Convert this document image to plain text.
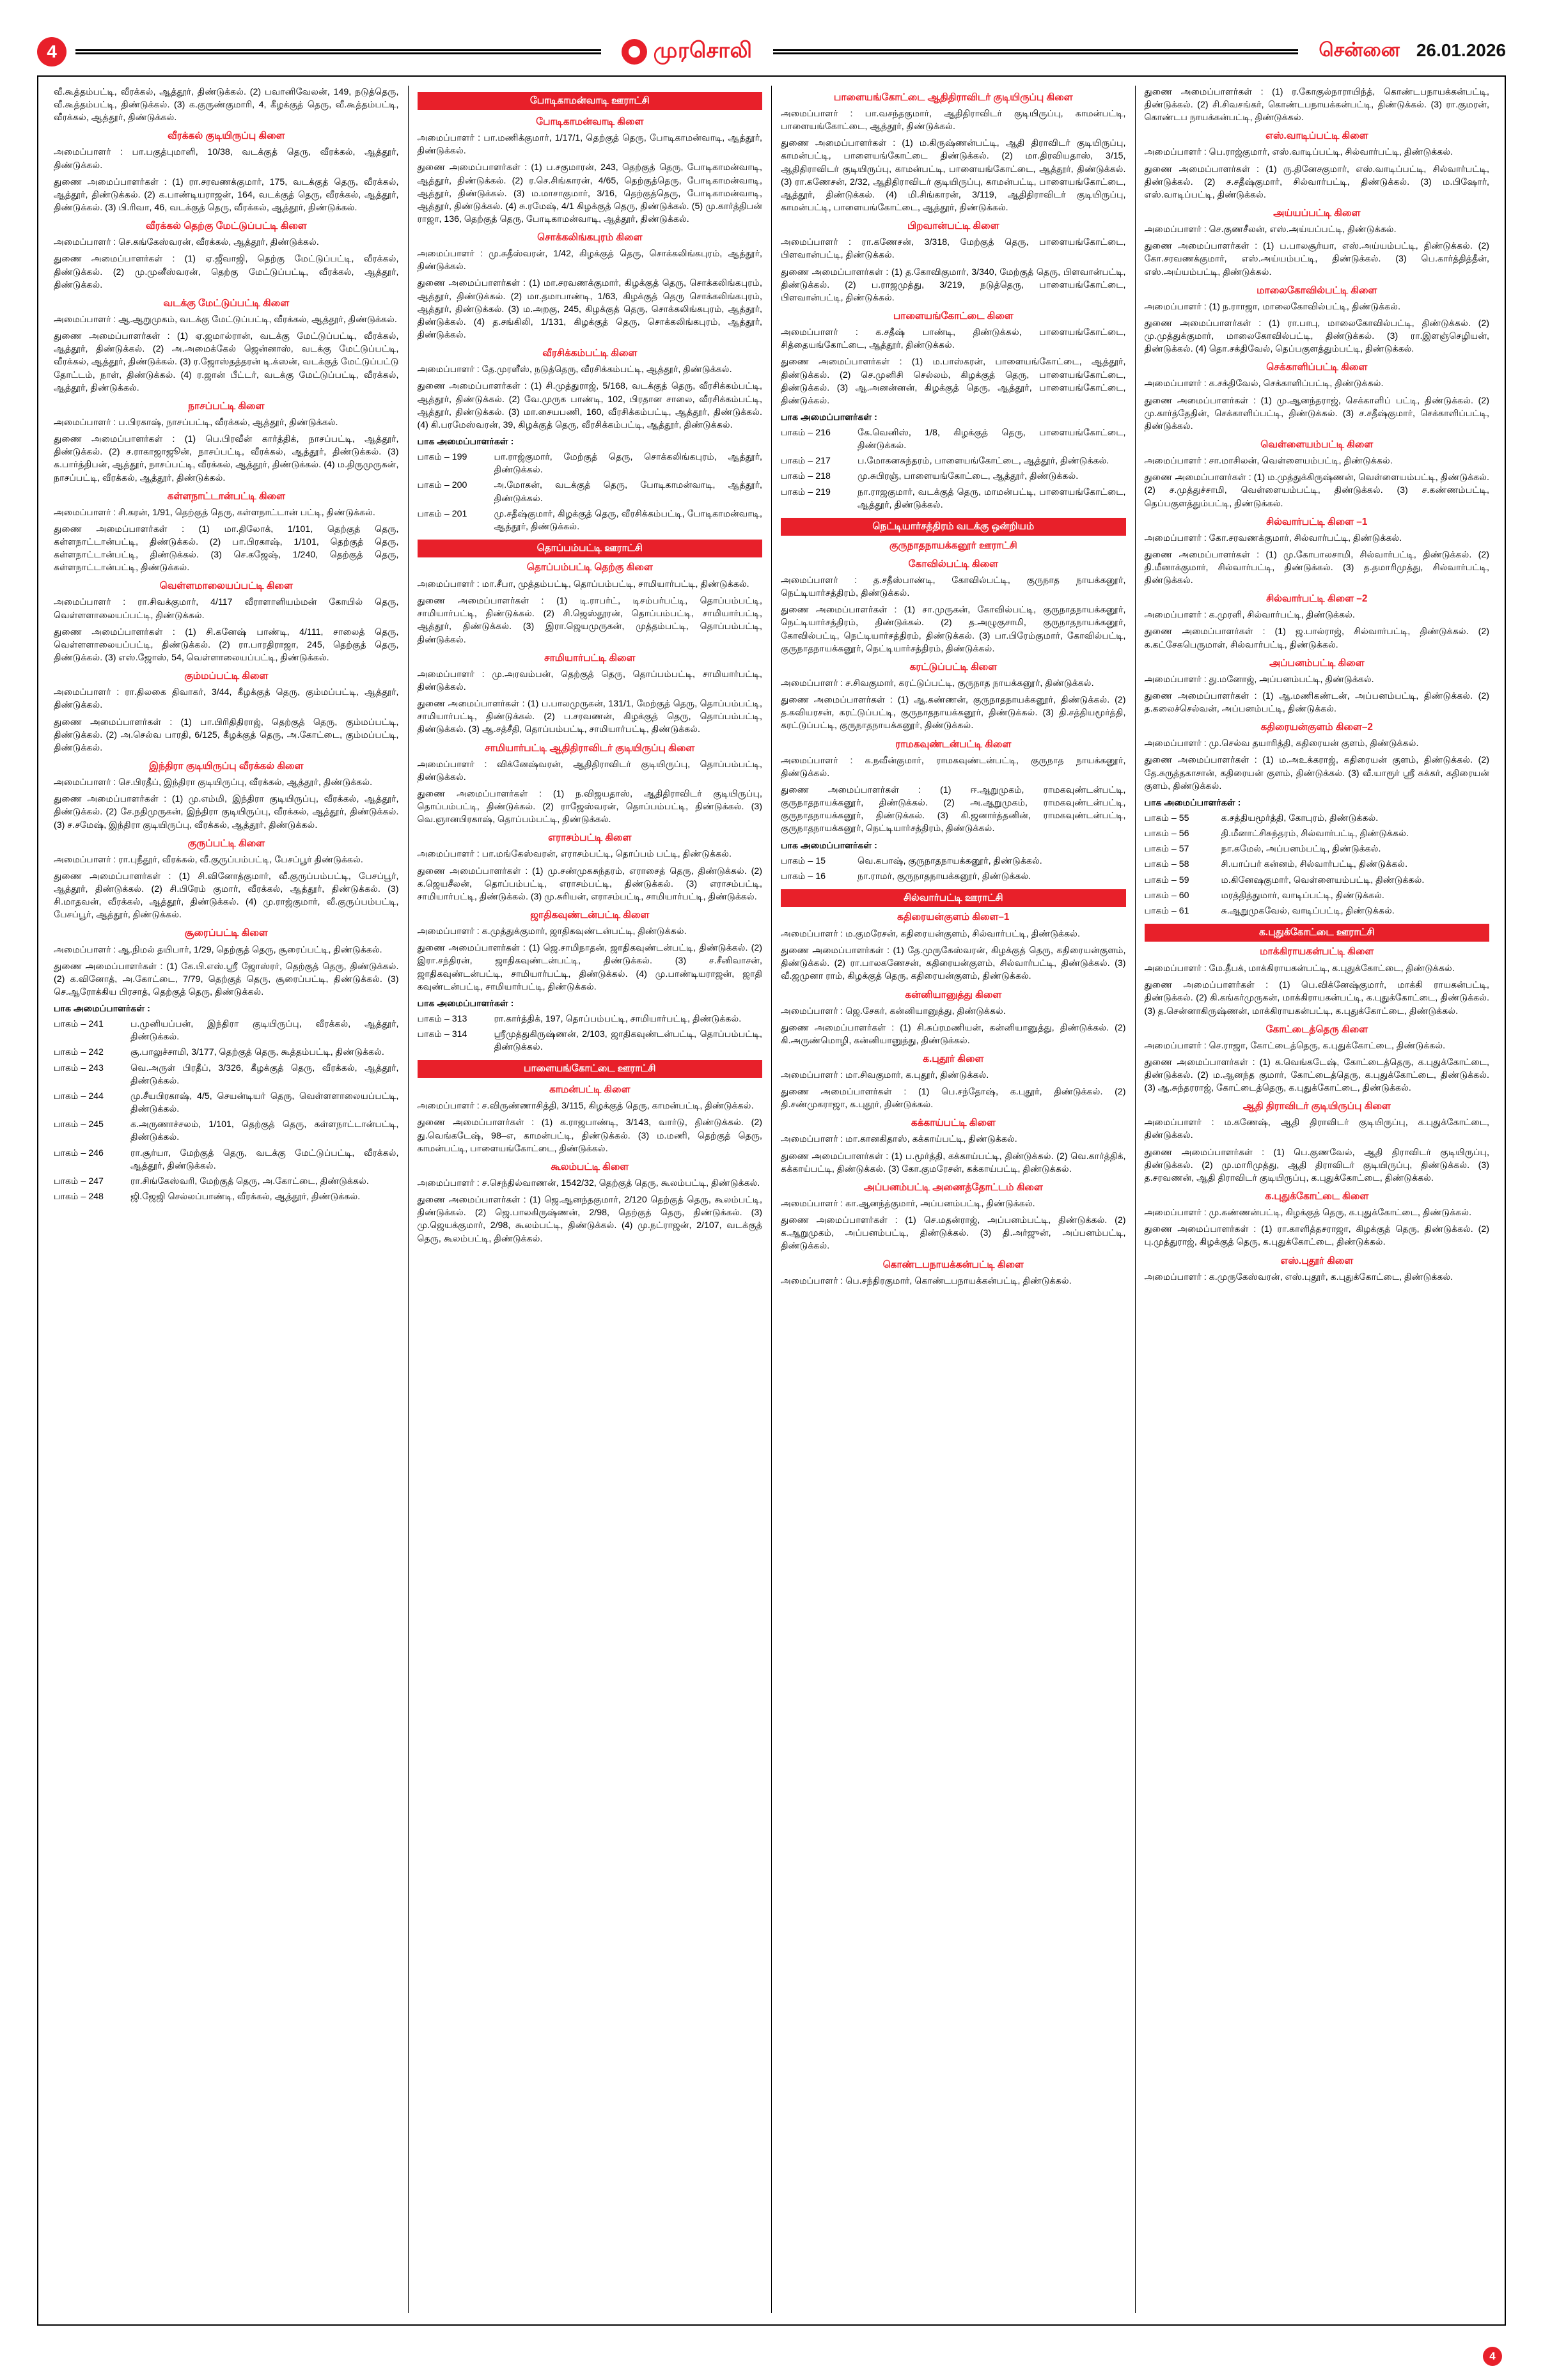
4	முரசொலி	சென்னை 26.01.2026
வீ.கூத்தம்பட்டி, வீரக்கல், ஆத்தூர், திண்டுக்கல். (2) பவானிவேலன், 149, நடுத்தெரு, வீ.கூத்தம்பட்டி, திண்டுக்கல். (3) க.குருண்குமாரி, 4, கீழக்குத் தெரு, வீ.கூத்தம்பட்டி, வீரக்கல், ஆத்தூர், திண்டுக்கல்.
வீரக்கல் குடியிருப்பு கிளை
அமைப்பாளர் : பா.பகுத்புமாளி, 10/38, வடக்குத் தெரு, வீரக்கல், ஆத்தூர், திண்டுக்கல்.
துணை அமைப்பாளர்கள் : (1) ரா.சரவணக்குமார், 175, வடக்குத் தெரு, வீரக்கல், ஆத்தூர், திண்டுக்கல். (2) க.பாண்டியராஜன், 164, வடக்குத் தெரு, வீரக்கல், ஆத்தூர், திண்டுக்கல். (3) பி.ரிவா, 46, வடக்குத் தெரு, வீரக்கல், ஆத்தூர், திண்டுக்கல்.
வீரக்கல் தெற்கு மேட்டுப்பட்டி கிளை
அமைப்பாளர் : செ.கங்கேஸ்வரன், வீரக்கல், ஆத்தூர், திண்டுக்கல்.
துணை அமைப்பாளர்கள் : (1) ஏ.ஜீவாஜி, தெற்கு மேட்டுப்பட்டி, வீரக்கல், திண்டுக்கல். (2) மு.முனீஸ்வரன், தெற்கு மேட்டுப்பட்டி, வீரக்கல், ஆத்தூர், திண்டுக்கல்.
வடக்கு மேட்டுப்பட்டி கிளை
அமைப்பாளர் : ஆ.ஆறுமுகம், வடக்கு மேட்டுப்பட்டி, வீரக்கல், ஆத்தூர், திண்டுக்கல்.
துணை அமைப்பாளர்கள் : (1) ஏ.ஜமால்ரான், வடக்கு மேட்டுப்பட்டி, வீரக்கல், ஆத்தூர், திண்டுக்கல். (2) அ.அமைக்கேல் ஜென்னாஸ், வடக்கு மேட்டுப்பட்டி, வீரக்கல், ஆத்தூர், திண்டுக்கல். (3) ர.ஜோஸ்தத்தரன் டி.க்ஸன், வடக்குத் மேட்டுப்பட்டு தோட்டம், நாள், திண்டுக்கல். (4) ர.ஜான் பீட்டர், வடக்கு மேட்டுப்பட்டி, வீரக்கல், ஆத்தூர், திண்டுக்கல்.
நாசப்பட்டி கிளை
அமைப்பாளர் : ப.பிரகாஷ், நாசப்பட்டி, வீரக்கல், ஆத்தூர், திண்டுக்கல்.
துணை அமைப்பாளர்கள் : (1) பெ.பிரவீன் கார்த்திக், நாசப்பட்டி, ஆத்தூர், திண்டுக்கல். (2) ச.ராகாஜாஜூன், நாசப்பட்டி, வீரக்கல், ஆத்தூர், திண்டுக்கல். (3) க.பார்த்திபன், ஆத்தூர், நாசப்பட்டி, வீரக்கல், ஆத்தூர், திண்டுக்கல். (4) ம.திருமுருகன், நாசப்பட்டி, வீரக்கல், ஆத்தூர், திண்டுக்கல்.
கள்ளநாட்டான்பட்டி கிளை
அமைப்பாளர் : சி.கரன், 1/91, தெற்குத் தெரு, கள்ளநாட்டான் பட்டி, திண்டுக்கல்.
துணை அமைப்பாளர்கள் : (1) மா.திலோக், 1/101, தெற்குத் தெரு, கள்ளநாட்டான்பட்டி, திண்டுக்கல். (2) பா.பிரகாஷ், 1/101, தெற்குத் தெரு, கள்ளநாட்டான்பட்டி, திண்டுக்கல். (3) செ.கஜேஷ், 1/240, தெற்குத் தெரு, கள்ளநாட்டான்பட்டி, திண்டுக்கல்.
வெள்ளமாலையப்பட்டி கிளை
அமைப்பாளர் : ரா.சிவக்குமார், 4/117 வீராளாளியம்மன் கோயில் தெரு, வெள்ளளாலையப்பட்டி, திண்டுக்கல்.
துணை அமைப்பாளர்கள் : (1) சி.கனேஷ் பாண்டி, 4/111, சாலைத் தெரு, வெள்ளளாலையப்பட்டி, திண்டுக்கல். (2) ரா.பாரதிராஜா, 245, தெற்குத் தெரு, திண்டுக்கல். (3) எஸ்.ஜோஸ், 54, வெள்ளாலையப்பட்டி, திண்டுக்கல்.
கும்மப்பட்டி கிளை
அமைப்பாளர் : ரா.திலகை திவாகர், 3/44, கீழக்குத் தெரு, கும்மப்பட்டி, ஆத்தூர், திண்டுக்கல்.
துணை அமைப்பாளர்கள் : (1) பா.பிரிதிதிராஜ், தெற்குத் தெரு, கும்மப்பட்டி, திண்டுக்கல். (2) அ.செல்வ பாரதி, 6/125, கீழக்குத் தெரு, அ.கோட்டை, கும்மப்பட்டி, திண்டுக்கல்.
இந்திரா குடியிருப்பு வீரக்கல் கிளை
அமைப்பாளர் : செ.பிரதீப், இந்திரா குடியிருப்பு, வீரக்கல், ஆத்தூர், திண்டுக்கல்.
துணை அமைப்பாளர்கள் : (1) மு.எம்மி, இந்திரா குடியிருப்பு, வீரக்கல், ஆத்தூர், திண்டுக்கல். (2) சே.நதிமுருகன், இந்திரா குடியிருப்பு, வீரக்கல், ஆத்தூர், திண்டுக்கல். (3) ச.சமேஷ், இந்திரா குடியிருப்பு, வீரக்கல், ஆத்தூர், திண்டுக்கல்.
குருப்பட்டி கிளை
அமைப்பாளர் : ரா.புநீதூர், வீரக்கல், வீ.குருப்பம்பட்டி, பேசப்பூர் திண்டுக்கல்.
துணை அமைப்பாளர்கள் : (1) சி.வினோத்குமார், வீ.குருப்பம்பட்டி, பேசப்பூர், ஆத்தூர், திண்டுக்கல். (2) சி.பிரேம் குமார், வீரக்கல், ஆத்தூர், திண்டுக்கல். (3) சி.மாதவன், வீரக்கல், ஆத்தூர், திண்டுக்கல். (4) மு.ராஜ்குமார், வீ.குருப்பம்பட்டி, பேசப்பூர், ஆத்தூர், திண்டுக்கல்.
சூரைப்பட்டி கிளை
அமைப்பாளர் : ஆ.நிமல் தயிபார், 1/29, தெற்குத் தெரு, சூரைப்பட்டி, திண்டுக்கல்.
துணை அமைப்பாளர்கள் : (1) கே.பி.எஸ்.ஸ்ரீ ஜோஸ்ரர், தெற்குத் தெரு, திண்டுக்கல். (2) க.வினோத், அ.கோட்டை, 7/79, தெற்குத் தெரு, சூரைப்பட்டி, திண்டுக்கல். (3) செ.ஆரோக்கிய பிரசாத், தெற்குத் தெரு, திண்டுக்கல்.
பாக அமைப்பாளர்கள் :
பாகம் – 241	ப.முனியப்பன், இந்திரா குடியிருப்பு, வீரக்கல், ஆத்தூர், திண்டுக்கல்.
பாகம் – 242	சூ.பாலுச்சாமி, 3/177, தெற்குத் தெரு, கூத்தம்பட்டி, திண்டுக்கல்.
பாகம் – 243	வெ.அருள் பிரதீப், 3/326, கீழக்குத் தெரு, வீரக்கல், ஆத்தூர், திண்டுக்கல்.
பாகம் – 244	மு.சீயபிரகாஷ், 4/5, செயன்டியர் தெரு, வெள்ளளாலையப்பட்டி, திண்டுக்கல்.
பாகம் – 245	க.அருணாச்சலம், 1/101, தெற்குத் தெரு, கள்ளநாட்டான்பட்டி, திண்டுக்கல்.
பாகம் – 246	ரா.சூர்யா, மேற்குத் தெரு, வடக்கு மேட்டுப்பட்டி, வீரக்கல், ஆத்தூர், திண்டுக்கல்.
பாகம் – 247	ரா.சிங்கேஸ்வரி, மேற்குத் தெரு, அ.கோட்டை, திண்டுக்கல்.
பாகம் – 248	ஜி.ஜேஜி செல்லப்பாண்டி, வீரக்கல், ஆத்தூர், திண்டுக்கல்.
போடிகாமன்வாடி ஊராட்சி
போடிகாமன்வாடி கிளை
அமைப்பாளர் : பா.மணிக்குமார், 1/17/1, தெற்குத் தெரு, போடிகாமன்வாடி, ஆத்தூர், திண்டுக்கல்.
துணை அமைப்பாளர்கள் : (1) ப.சகுமாரன், 243, தெற்குத் தெரு, போடிகாமன்வாடி, ஆத்தூர், திண்டுக்கல். (2) ர.செ.சிங்காரன், 4/65, தெற்குத்தெரு, போடிகாமன்வாடி, ஆத்தூர், திண்டுக்கல். (3) ம.மாசாகுமார், 3/16, தெற்குத்தெரு, போடிகாமன்வாடி, ஆத்தூர், திண்டுக்கல். (4) சு.ரமேஷ், 4/1 கிழக்குத் தெரு, திண்டுக்கல். (5) மு.கார்த்திபன் ராஜா, 136, தெற்குத் தெரு, போடிகாமன்வாடி, ஆத்தூர், திண்டுக்கல்.
சொக்கலிங்கபுரம் கிளை
அமைப்பாளர் : மு.சுதீஸ்வரன், 1/42, கிழக்குத் தெரு, சொக்கலிங்கபுரம், ஆத்தூர், திண்டுக்கல்.
துணை அமைப்பாளர்கள் : (1) மா.சரவணக்குமார், கிழக்குத் தெரு, சொக்கலிங்கபுரம், ஆத்தூர், திண்டுக்கல். (2) மா.தமாபாண்டி, 1/63, கிழக்குத் தெரு சொக்கலிங்கபுரம், ஆத்தூர், திண்டுக்கல். (3) ம.அறகு, 245, கிழக்குத் தெரு, சொக்கலிங்கபுரம், ஆத்தூர், திண்டுக்கல். (4) த.சங்கிலி, 1/131, கிழக்குத் தெரு, சொக்கலிங்கபுரம், ஆத்தூர், திண்டுக்கல்.
வீரசிக்கம்பட்டி கிளை
அமைப்பாளர் : தே.முரளீஸ், நடுத்தெரு, வீரசிக்கம்பட்டி, ஆத்தூர், திண்டுக்கல்.
துணை அமைப்பாளர்கள் : (1) சி.முத்துராஜ், 5/168, வடக்குத் தெரு, வீரசிக்கம்பட்டி, ஆத்தூர், திண்டுக்கல். (2) வே.முருக பாண்டி, 102, பிரதான சாலை, வீரசிக்கம்பட்டி, ஆத்தூர், திண்டுக்கல். (3) மா.சையபணி, 160, வீரசிக்கம்பட்டி, ஆத்தூர், திண்டுக்கல். (4) கி.பரமேஸ்வரன், 39, கிழக்குத் தெரு, வீரசிக்கம்பட்டி, ஆத்தூர், திண்டுக்கல்.
பாக அமைப்பாளர்கள் :
பாகம் – 199	பா.ராஜ்குமார், மேற்குத் தெரு, சொக்கலிங்கபுரம், ஆத்தூர், திண்டுக்கல்.
பாகம் – 200	அ.மோகன், வடக்குத் தெரு, போடிகாமன்வாடி, ஆத்தூர், திண்டுக்கல்.
பாகம் – 201	மு.சதீஷ்குமார், கிழக்குத் தெரு, வீரசிக்கம்பட்டி, போடிகாமன்வாடி, ஆத்தூர், திண்டுக்கல்.
தொப்பம்பட்டி ஊராட்சி
தொப்பம்பட்டி தெற்கு கிளை
அமைப்பாளர் : மா.சீபா, முத்தம்பட்டி, தொப்பம்பட்டி, சாமியார்பட்டி, திண்டுக்கல்.
துணை அமைப்பாளர்கள் : (1) டி.ராபர்ட், டிசம்பர்பட்டி, தொப்பம்பட்டி, சாமியார்பட்டி, திண்டுக்கல். (2) சி.ஜெஸ்தூரன், தொப்பம்பட்டி, சாமியார்பட்டி, ஆத்தூர், திண்டுக்கல். (3) இரா.ஜெயமுருகன், முத்தம்பட்டி, தொப்பம்பட்டி, திண்டுக்கல்.
சாமியார்பட்டி கிளை
அமைப்பாளர் : மு.அரவம்பன், தெற்குத் தெரு, தொப்பம்பட்டி, சாமியார்பட்டி, திண்டுக்கல்.
துணை அமைப்பாளர்கள் : (1) ப.பாலமுருகன், 131/1, மேற்குத் தெரு, தொப்பம்பட்டி, சாமியார்பட்டி, திண்டுக்கல். (2) ப.சரவணன், கிழக்குத் தெரு, தொப்பம்பட்டி, திண்டுக்கல். (3) ஆ.சத்சீதி, தொப்பம்பட்டி, சாமியார்பட்டி, திண்டுக்கல்.
சாமியார்பட்டி ஆதிதிராவிடர் குடியிருப்பு கிளை
அமைப்பாளர் : விக்னேஷ்வரன், ஆதிதிராவிடர் குடியிருப்பு, தொப்பம்பட்டி, திண்டுக்கல்.
துணை அமைப்பாளர்கள் : (1) ந.விஜயதாஸ், ஆதிதிராவிடர் குடியிருப்பு, தொப்பம்பட்டி, திண்டுக்கல். (2) ராஜேஸ்வரன், தொப்பம்பட்டி, திண்டுக்கல். (3) வெ.ஞானபிரகாஷ், தொப்பம்பட்டி, திண்டுக்கல்.
எராசம்பட்டி கிளை
அமைப்பாளர் : பா.மங்கேஸ்வரன், எராசம்பட்டி, தொப்பம் பட்டி, திண்டுக்கல்.
துணை அமைப்பாளர்கள் : (1) மு.சண்முகசுந்தரம், எராசைத் தெரு, திண்டுக்கல். (2) க.ஜெயசீலன், தொப்பம்பட்டி, எராசம்பட்டி, திண்டுக்கல். (3) எராசம்பட்டி, சாமியார்பட்டி, திண்டுக்கல். (3) மு.சுரியன், எராசம்பட்டி, சாமியார்பட்டி, திண்டுக்கல்.
ஜாதிகவுண்டன்பட்டி கிளை
அமைப்பாளர் : க.முத்துக்குமார், ஜாதிகவுண்டன்பட்டி, திண்டுக்கல்.
துணை அமைப்பாளர்கள் : (1) ஜெ.சாமிநாதன், ஜாதிகவுண்டன்பட்டி, திண்டுக்கல். (2) இரா.சந்திரன், ஜாதிகவுண்டன்பட்டி, திண்டுக்கல். (3) ச.சீனிவாசன், ஜாதிகவுண்டன்பட்டி, சாமியார்பட்டி, திண்டுக்கல். (4) மு.பாண்டியராஜன், ஜாதி கவுண்டன்பட்டி, சாமியார்பட்டி, திண்டுக்கல்.
பாக அமைப்பாளர்கள் :
பாகம் – 313	ரா.கார்த்திக், 197, தொப்பம்பட்டி, சாமியார்பட்டி, திண்டுக்கல்.
பாகம் – 314	ஸ்ரீமுத்துகிருஷ்ணன், 2/103, ஜாதிகவுண்டன்பட்டி, தொப்பம்பட்டி, திண்டுக்கல்.
பாளையங்கோட்டை ஊராட்சி
காமன்பட்டி கிளை
அமைப்பாளர் : ச.விருண்ணாசித்தி, 3/115, கிழக்குத் தெரு, காமன்பட்டி, திண்டுக்கல்.
துணை அமைப்பாளர்கள் : (1) க.ராஜபாண்டி, 3/143, வார்டு, திண்டுக்கல். (2) து.வெங்கடேஷ், 98–எ, காமன்பட்டி, திண்டுக்கல். (3) ம.மணி, தெற்குத் தெரு, காமன்பட்டி, பாளையங்கோட்டை, திண்டுக்கல்.
கூலம்பட்டி கிளை
அமைப்பாளர் : ச.செந்தில்வாணன், 1542/32, தெற்குத் தெரு, கூலம்பட்டி, திண்டுக்கல்.
துணை அமைப்பாளர்கள் : (1) ஜெ.ஆனந்தகுமார், 2/120 தெற்குத் தெரு, கூலம்பட்டி, திண்டுக்கல். (2) ஜெ.பாலகிருஷ்ணன், 2/98, தெற்குத் தெரு, திண்டுக்கல். (3) மு.ஜெயக்குமார், 2/98, கூலம்பட்டி, திண்டுக்கல். (4) மு.நட்ராஜன், 2/107, வடக்குத் தெரு, கூலம்பட்டி, திண்டுக்கல்.
பாளையங்கோட்டை ஆதிதிராவிடர் குடியிருப்பு கிளை
அமைப்பாளர் : பா.வசந்தகுமார், ஆதிதிராவிடர் குடியிருப்பு, காமன்பட்டி, பாளையங்கோட்டை, ஆத்தூர், திண்டுக்கல்.
துணை அமைப்பாளர்கள் : (1) ம.கிருஷ்ணன்பட்டி, ஆதி திராவிடர் குடியிருப்பு, காமன்பட்டி, பாளையங்கோட்டை திண்டுக்கல். (2) மா.திரவியதாஸ், 3/15, ஆதிதிராவிடர் குடியிருப்பு, காமன்பட்டி, பாளையங்கோட்டை, ஆத்தூர், திண்டுக்கல். (3) ரா.கணேசன், 2/32, ஆதிதிராவிடர் குடியிருப்பு, காமன்பட்டி, பாளையங்கோட்டை, ஆத்தூர், திண்டுக்கல். (4) மி.சிங்காரன், 3/119, ஆதிதிராவிடர் குடியிருப்பு, காமன்பட்டி, பாளையங்கோட்டை, ஆத்தூர், திண்டுக்கல்.
பிறவான்பட்டி கிளை
அமைப்பாளர் : ரா.கணேசன், 3/318, மேற்குத் தெரு, பாளையங்கோட்டை, பிளவான்பட்டி, திண்டுக்கல்.
துணை அமைப்பாளர்கள் : (1) த.கோவிகுமார், 3/340, மேற்குத் தெரு, பிளவான்பட்டி, திண்டுக்கல். (2) ப.ராஜமுத்து, 3/219, நடுத்தெரு, பாளையங்கோட்டை, பிளவான்பட்டி, திண்டுக்கல்.
பாளையங்கோட்டை கிளை
அமைப்பாளர் : க.சதீஷ் பாண்டி, திண்டுக்கல், பாளையங்கோட்டை, சித்தையங்கோட்டை, ஆத்தூர், திண்டுக்கல்.
துணை அமைப்பாளர்கள் : (1) ம.பாஸ்கரன், பாளையங்கோட்டை, ஆத்தூர், திண்டுக்கல். (2) செ.முனிசி செல்லம், கிழக்குத் தெரு, பாளையங்கோட்டை, திண்டுக்கல். (3) ஆ.அனன்னன், கிழக்குத் தெரு, ஆத்தூர், பாளையங்கோட்டை, திண்டுக்கல்.
பாக அமைப்பாளர்கள் :
பாகம் – 216	கே.வெனிஸ், 1/8, கிழக்குத் தெரு, பாளையங்கோட்டை, திண்டுக்கல்.
பாகம் – 217	ப.மோகனசுந்தரம், பாளையங்கோட்டை, ஆத்தூர், திண்டுக்கல்.
பாகம் – 218	மு.சுபிரஞ், பாளையங்கோட்டை, ஆத்தூர், திண்டுக்கல்.
பாகம் – 219	நா.ராஜகுமார், வடக்குத் தெரு, மாமன்பட்டி, பாளையங்கோட்டை, ஆத்தூர், திண்டுக்கல்.
நெட்டியார்சத்திரம் வடக்கு ஒன்றியம்
குருநாதநாயக்கனூர் ஊராட்சி
கோவில்பட்டி கிளை
அமைப்பாளர் : த.சதீஸ்பாண்டி, கோவில்பட்டி, குருநாத நாயக்கனூர், நெட்டியார்சத்திரம், திண்டுக்கல்.
துணை அமைப்பாளர்கள் : (1) சா.முருகன், கோவில்பட்டி, குருநாதநாயக்கனூர், நெட்டியார்சத்திரம், திண்டுக்கல். (2) த.அழுகுசாமி, குருநாதநாயக்கனூர், கோவில்பட்டி, நெட்டியார்சத்திரம், திண்டுக்கல். (3) பா.பிரேம்குமார், கோவில்பட்டி, குருநாதநாயக்கனூர், நெட்டியார்சத்திரம், திண்டுக்கல்.
கரட்டுப்பட்டி கிளை
அமைப்பாளர் : ச.சிவகுமார், கரட்டுப்பட்டி, குருநாத நாயக்கனூர், திண்டுக்கல்.
துணை அமைப்பாளர்கள் : (1) ஆ.கண்ணன், குருநாதநாயக்கனூர், திண்டுக்கல். (2) த.கவியரசன், கரட்டுப்பட்டி, குருநாதநாயக்கனூர், திண்டுக்கல். (3) தி.சத்தியமூர்த்தி, கரட்டுப்பட்டி, குருநாதநாயக்கனூர், திண்டுக்கல்.
ராமகவுண்டன்பட்டி கிளை
அமைப்பாளர் : க.நவீன்குமார், ராமகவுண்டன்பட்டி, குருநாத நாயக்கனூர், திண்டுக்கல்.
துணை அமைப்பாளர்கள் : (1) ஈ.ஆறுமுகம், ராமகவுண்டன்பட்டி, குருநாதநாயக்கனூர், திண்டுக்கல். (2) அ.ஆறுமுகம், ராமகவுண்டன்பட்டி, குருநாதநாயக்கனூர், திண்டுக்கல். (3) கி.ஜனார்த்தனின், ராமகவுண்டன்பட்டி, குருநாதநாயக்கனூர், நெட்டியார்சத்திரம், திண்டுக்கல்.
பாக அமைப்பாளர்கள் :
பாகம் – 15	வெ.கபாஷ், குருநாதநாயக்கனூர், திண்டுக்கல்.
பாகம் – 16	நா.ராமர், குருநாதநாயக்கனூர், திண்டுக்கல்.
சில்வார்பட்டி ஊராட்சி
கதிரையன்குளம் கிளை–1
அமைப்பாளர் : ம.குமரேசன், கதிரையன்குளம், சில்வார்பட்டி, திண்டுக்கல்.
துணை அமைப்பாளர்கள் : (1) தே.முருகேஸ்வரன், கிழக்குத் தெரு, கதிரையன்குளம், திண்டுக்கல். (2) ரா.பாலகணேசன், கதிரையன்குளம், சில்வார்பட்டி, திண்டுக்கல். (3) வீ.ஜமுனா ராம், கிழக்குத் தெரு, கதிரையன்குளம், திண்டுக்கல்.
கன்னியானுத்து கிளை
அமைப்பாளர் : ஜெ.சேகர், கன்னியானுத்து, திண்டுக்கல்.
துணை அமைப்பாளர்கள் : (1) சி.சுப்ரமணியன், கன்னியானுத்து, திண்டுக்கல். (2) கி.அருண்மொழி, கன்னியானுத்து, திண்டுக்கல்.
க.புதூர் கிளை
அமைப்பாளர் : மா.சிவகுமார், க.புதூர், திண்டுக்கல்.
துணை அமைப்பாளர்கள் : (1) பெ.சந்தோஷ், க.புதூர், திண்டுக்கல். (2) தி.சண்முகராஜா, க.புதூர், திண்டுக்கல்.
கக்காய்பட்டி கிளை
அமைப்பாளர் : மா.கானகிதாஸ், கக்காய்பட்டி, திண்டுக்கல்.
துணை அமைப்பாளர்கள் : (1) ப.மூர்த்தி, கக்காய்பட்டி, திண்டுக்கல். (2) வெ.கார்த்திக், கக்காய்பட்டி, திண்டுக்கல். (3) கோ.குமரேசன், கக்காய்பட்டி, திண்டுக்கல்.
அப்பனம்பட்டி அணைத்தோட்டம் கிளை
அமைப்பாளர் : கா.ஆனந்த்குமார், அப்பனம்பட்டி, திண்டுக்கல்.
துணை அமைப்பாளர்கள் : (1) செ.மதன்ராஜ், அப்பனம்பட்டி, திண்டுக்கல். (2) க.ஆறுமுகம், அப்பனம்பட்டி, திண்டுக்கல். (3) தி.அர்ஜுன், அப்பனம்பட்டி, திண்டுக்கல்.
கொண்டபநாயக்கன்பட்டி கிளை
அமைப்பாளர் : பெ.சந்திரகுமார், கொண்டபநாயக்கன்பட்டி, திண்டுக்கல்.
துணை அமைப்பாளர்கள் : (1) ர.கோகுல்நாராயிந்த், கொண்டபநாயக்கன்பட்டி, திண்டுக்கல். (2) சி.சிவசங்கர், கொண்டபநாயக்கன்பட்டி, திண்டுக்கல். (3) ரா.குமரன், கொண்டப நாயக்கன்பட்டி, திண்டுக்கல்.
எஸ்.வாடிப்பட்டி கிளை
அமைப்பாளர் : பெ.ராஜ்குமார், எஸ்.வாடிப்பட்டி, சில்வார்பட்டி, திண்டுக்கல்.
துணை அமைப்பாளர்கள் : (1) ரு.தினேசகுமார், எஸ்.வாடிப்பட்டி, சில்வார்பட்டி, திண்டுக்கல். (2) ச.சதீஷ்குமார், சில்வார்பட்டி, திண்டுக்கல். (3) ம.பிஷோர், எஸ்.வாடிப்பட்டி, திண்டுக்கல்.
அய்யப்பட்டி கிளை
அமைப்பாளர் : செ.குணசீலன், எஸ்.அய்யப்பட்டி, திண்டுக்கல்.
துணை அமைப்பாளர்கள் : (1) ப.பாலசூர்யா, எஸ்.அய்யம்பட்டி, திண்டுக்கல். (2) கோ.சரவணக்குமார், எஸ்.அய்யம்பட்டி, திண்டுக்கல். (3) பெ.கார்த்தித்தீன், எஸ்.அய்யம்பட்டி, திண்டுக்கல்.
மாலைகோவில்பட்டி கிளை
அமைப்பாளர் : (1) ந.ராாஜா, மாலைகோவில்பட்டி, திண்டுக்கல்.
துணை அமைப்பாளர்கள் : (1) ரா.பாபு, மாலைகோவில்பட்டி, திண்டுக்கல். (2) மு.முத்துக்குமார், மாலைகோவில்பட்டி, திண்டுக்கல். (3) ரா.இளஞ்செழியன், திண்டுக்கல். (4) தொ.சக்திவேல், தெப்பகுளத்தும்பட்டி, திண்டுக்கல்.
செக்காளிப்பட்டி கிளை
அமைப்பாளர் : க.சக்திவேல், செக்காளிப்பட்டி, திண்டுக்கல்.
துணை அமைப்பாளர்கள் : (1) மு.ஆனந்தராஜ், செக்காளிப் பட்டி, திண்டுக்கல். (2) மு.கார்த்தேதின், செக்காளிப்பட்டி, திண்டுக்கல். (3) ச.சதீஷ்குமார், செக்காளிப்பட்டி, திண்டுக்கல்.
வெள்ளையம்பட்டி கிளை
அமைப்பாளர் : சா.மாசிலன், வெள்ளையம்பட்டி, திண்டுக்கல்.
துணை அமைப்பாளர்கள் : (1) ம.முத்துக்கிருஷ்ணன், வெள்ளையம்பட்டி, திண்டுக்கல். (2) ச.முத்துச்சாமி, வெள்ளையம்பட்டி, திண்டுக்கல். (3) ச.கண்ணம்பட்டி, தெப்பகுளத்தும்பட்டி, திண்டுக்கல்.
சில்வார்பட்டி கிளை –1
அமைப்பாளர் : கோ.சரவணக்குமார், சில்வார்பட்டி, திண்டுக்கல்.
துணை அமைப்பாளர்கள் : (1) மு.கோபாலசாமி, சில்வார்பட்டி, திண்டுக்கல். (2) தி.மீனாக்குமார், சில்வார்பட்டி, திண்டுக்கல். (3) த.தமாரிமுத்து, சில்வார்பட்டி, திண்டுக்கல்.
சில்வார்பட்டி கிளை –2
அமைப்பாளர் : க.முரளி, சில்வார்பட்டி, திண்டுக்கல்.
துணை அமைப்பாளர்கள் : (1) ஜ.பால்ராஜ், சில்வார்பட்டி, திண்டுக்கல். (2) க.கட்சேகபெருமாள், சில்வார்பட்டி, திண்டுக்கல்.
அப்பனம்பட்டி கிளை
அமைப்பாளர் : து.மனோஜ், அப்பனம்பட்டி, திண்டுக்கல்.
துணை அமைப்பாளர்கள் : (1) ஆ.மணிகண்டன், அப்பனம்பட்டி, திண்டுக்கல். (2) த.கலைச்செல்வன், அப்பனம்பட்டி, திண்டுக்கல்.
கதிரையன்குளம் கிளை–2
அமைப்பாளர் : மு.செல்வ தயாரித்தி, கதிரையன் குளம், திண்டுக்கல்.
துணை அமைப்பாளர்கள் : (1) ம.அஉக்கராஜ், கதிரையன் குளம், திண்டுக்கல். (2) தே.சுருத்தகாசான், கதிரையன் குளம், திண்டுக்கல். (3) வீ.யாரூர் ஸ்ரீ சுக்கர், கதிரையன் குளம், திண்டுக்கல்.
பாக அமைப்பாளர்கள் :
பாகம் – 55	க.சத்தியமூர்த்தி, கோபுரம், திண்டுக்கல்.
பாகம் – 56	தி.மீனாட்சிசுந்தரம், சில்வார்பட்டி, திண்டுக்கல்.
பாகம் – 57	நா.கமேல், அப்பனம்பட்டி, திண்டுக்கல்.
பாகம் – 58	சி.யாப்பர் கன்னம், சில்வார்பட்டி, திண்டுக்கல்.
பாகம் – 59	ம.கினேஷகுமார், வெள்ளையம்பட்டி, திண்டுக்கல்.
பாகம் – 60	மரத்தித்துமார், வாடிப்பட்டி, திண்டுக்கல்.
பாகம் – 61	சு.ஆறுமுகவேல், வாடிப்பட்டி, திண்டுக்கல்.
க.புதுக்கோட்டை ஊராட்சி
மாக்கிராயகன்பட்டி கிளை
அமைப்பாளர் : மே.தீபக், மாக்கிராயகன்பட்டி, க.புதுக்கோட்டை, திண்டுக்கல்.
துணை அமைப்பாளர்கள் : (1) பெ.விக்னேஷ்குமார், மாக்கி ராயகன்பட்டி, திண்டுக்கல். (2) கி.கங்கர்முருகன், மாக்கிராயகன்பட்டி, க.புதுக்கோட்டை, திண்டுக்கல். (3) த.சென்னாகிருஷ்ணன், மாக்கிராயகன்பட்டி, க.புதுக்கோட்டை, திண்டுக்கல்.
கோட்டைத்தெரு கிளை
அமைப்பாளர் : செ.ராஜா, கோட்டைத்தெரு, க.புதுக்கோட்டை, திண்டுக்கல்.
துணை அமைப்பாளர்கள் : (1) க.வெங்கடேஷ், கோட்டைத்தெரு, க.புதுக்கோட்டை, திண்டுக்கல். (2) ம.ஆனந்த குமார், கோட்டைத்தெரு, க.புதுக்கோட்டை, திண்டுக்கல். (3) ஆ.சுந்தரராஜ், கோட்டைத்தெரு, க.புதுக்கோட்டை, திண்டுக்கல்.
ஆதி திராவிடர் குடியிருப்பு கிளை
அமைப்பாளர் : ம.கணேஷ், ஆதி திராவிடர் குடியிருப்பு, க.புதுக்கோட்டை, திண்டுக்கல்.
துணை அமைப்பாளர்கள் : (1) பெ.குணவேல், ஆதி திராவிடர் குடியிருப்பு, திண்டுக்கல். (2) மு.மாரிமுத்து, ஆதி திராவிடர் குடியிருப்பு, திண்டுக்கல். (3) த.சரவணன், ஆதி திராவிடர் குடியிருப்பு, க.புதுக்கோட்டை, திண்டுக்கல்.
க.புதுக்கோட்டை கிளை
அமைப்பாளர் : மு.கண்ணன்பட்டி, கிழக்குத் தெரு, க.புதுக்கோட்டை, திண்டுக்கல்.
துணை அமைப்பாளர்கள் : (1) ரா.காளித்தசராஜா, கிழக்குத் தெரு, திண்டுக்கல். (2) பு.முத்துராஜ், கிழக்குத் தெரு, க.புதுக்கோட்டை, திண்டுக்கல்.
எஸ்.புதூர் கிளை
அமைப்பாளர் : க.முருகேஸ்வரன், எஸ்.புதூர், க.புதுக்கோட்டை, திண்டுக்கல்.
4
